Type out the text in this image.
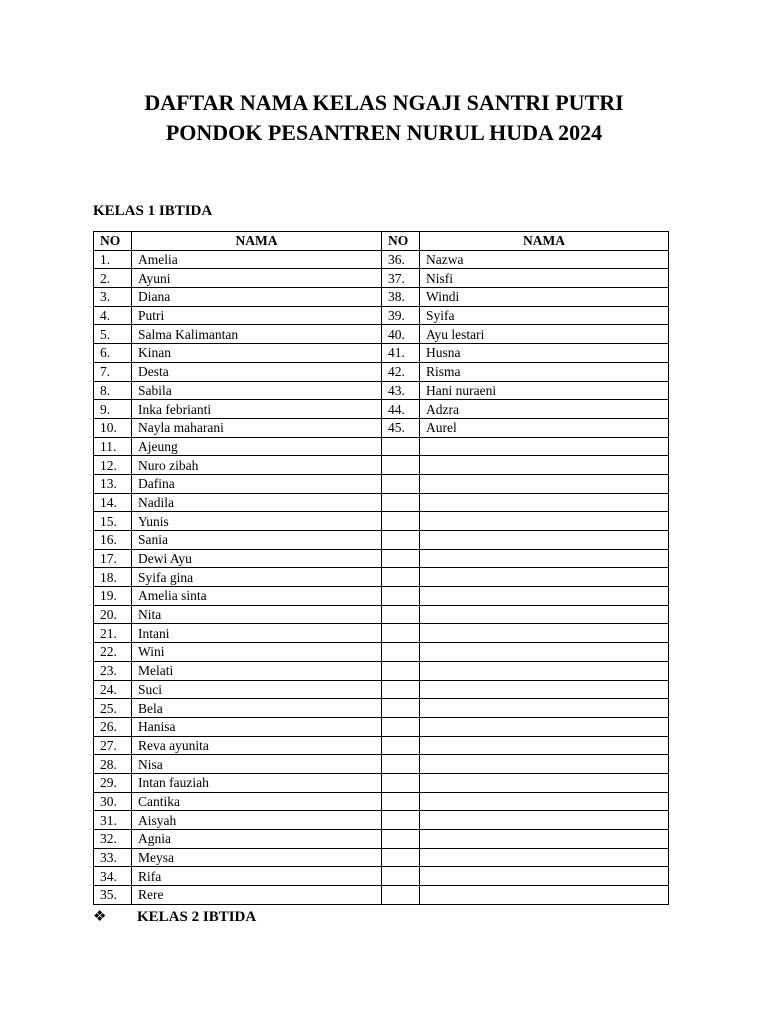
DAFTAR NAMA KELAS NGAJI SANTRI PUTRI
PONDOK PESANTREN NURUL HUDA 2024
KELAS 1 IBTIDA
NO	NAMA	NO	NAMA
1.	Amelia	36.	Nazwa
2.	Ayuni	37.	Nisfi
3.	Diana	38.	Windi
4.	Putri	39.	Syifa
5.	Salma Kalimantan	40.	Ayu lestari
6.	Kinan	41.	Husna
7.	Desta	42.	Risma
8.	Sabila	43.	Hani nuraeni
9.	Inka febrianti	44.	Adzra
10.	Nayla maharani	45.	Aurel
11.	Ajeung		
12.	Nuro zibah		
13.	Dafina		
14.	Nadila		
15.	Yunis		
16.	Sania		
17.	Dewi Ayu		
18.	Syifa gina		
19.	Amelia sinta		
20.	Nita		
21.	Intani		
22.	Wini		
23.	Melati		
24.	Suci		
25.	Bela		
26.	Hanisa		
27.	Reva ayunita		
28.	Nisa		
29.	Intan fauziah		
30.	Cantika		
31.	Aisyah		
32.	Agnia		
33.	Meysa		
34.	Rifa		
35.	Rere		
❖ KELAS 2 IBTIDA
